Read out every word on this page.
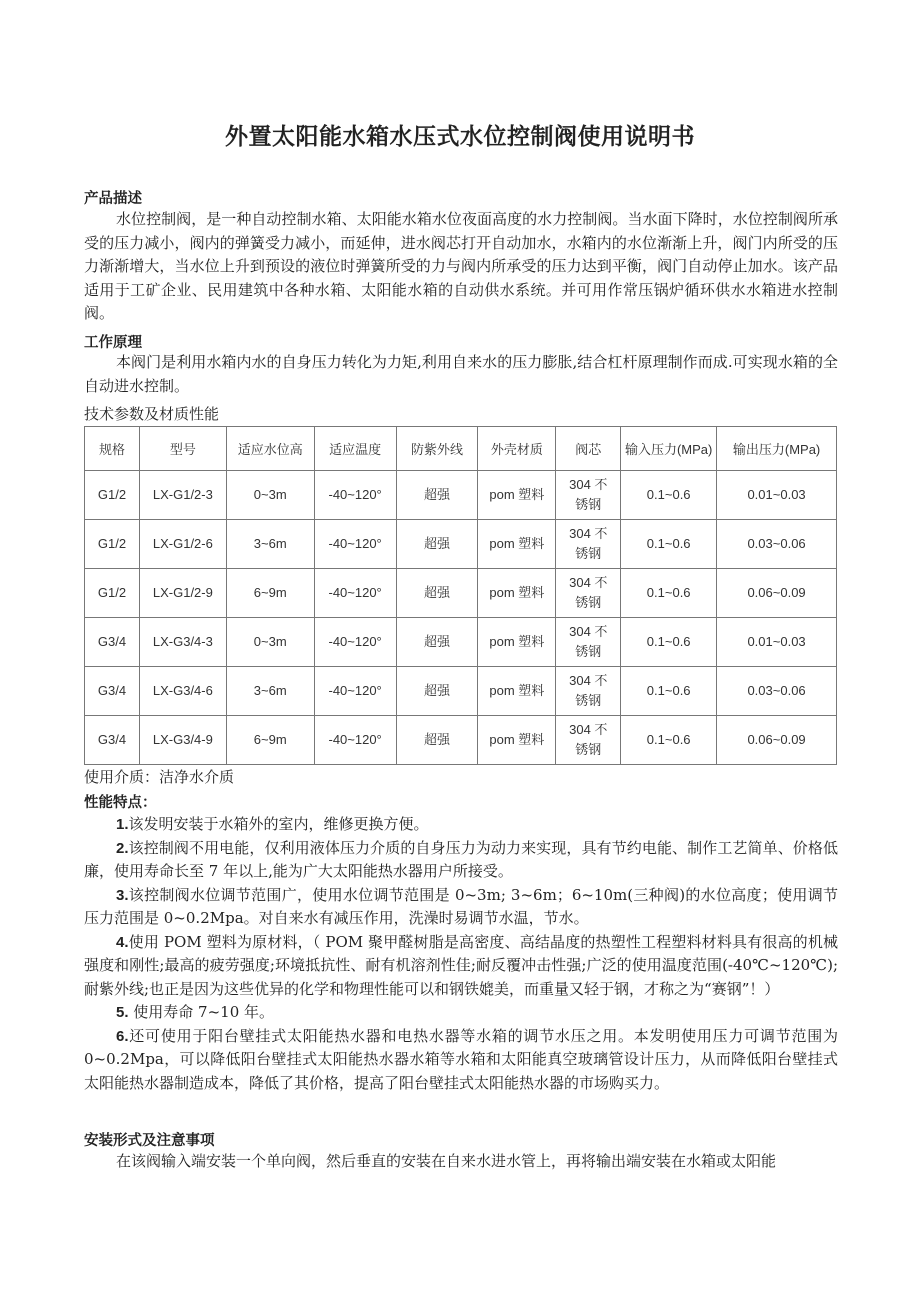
外置太阳能水箱水压式水位控制阀使用说明书
产品描述
水位控制阀，是一种自动控制水箱、太阳能水箱水位夜面高度的水力控制阀。当水面下降时，水位控制阀所承受的压力减小，阀内的弹簧受力减小，而延伸，进水阀芯打开自动加水，水箱内的水位渐渐上升，阀门内所受的压力渐渐增大，当水位上升到预设的液位时弹簧所受的力与阀内所承受的压力达到平衡，阀门自动停止加水。该产品适用于工矿企业、民用建筑中各种水箱、太阳能水箱的自动供水系统。并可用作常压锅炉循环供水水箱进水控制阀。
工作原理
本阀门是利用水箱内水的自身压力转化为力矩,利用自来水的压力膨胀,结合杠杆原理制作而成.可实现水箱的全自动进水控制。
技术参数及材质性能
规格	型号	适应水位高	适应温度	防紫外线	外壳材质	阀芯	输入压力(MPa)	输出压力(MPa)
G1/2	LX-G1/2-3	0~3m	-40~120°	超强	pom 塑料	304 不锈钢	0.1~0.6	0.01~0.03
G1/2	LX-G1/2-6	3~6m	-40~120°	超强	pom 塑料	304 不锈钢	0.1~0.6	0.03~0.06
G1/2	LX-G1/2-9	6~9m	-40~120°	超强	pom 塑料	304 不锈钢	0.1~0.6	0.06~0.09
G3/4	LX-G3/4-3	0~3m	-40~120°	超强	pom 塑料	304 不锈钢	0.1~0.6	0.01~0.03
G3/4	LX-G3/4-6	3~6m	-40~120°	超强	pom 塑料	304 不锈钢	0.1~0.6	0.03~0.06
G3/4	LX-G3/4-9	6~9m	-40~120°	超强	pom 塑料	304 不锈钢	0.1~0.6	0.06~0.09
使用介质：洁净水介质
性能特点：
1.该发明安装于水箱外的室内，维修更换方便。
2.该控制阀不用电能，仅利用液体压力介质的自身压力为动力来实现，具有节约电能、制作工艺简单、价格低廉，使用寿命长至 7 年以上,能为广大太阳能热水器用户所接受。
3.该控制阀水位调节范围广，使用水位调节范围是 0~3m; 3~6m；6~10m(三种阀)的水位高度；使用调节压力范围是 0~0.2Mpa。对自来水有减压作用，洗澡时易调节水温，节水。
4.使用 POM 塑料为原材料，（ POM 聚甲醛树脂是高密度、高结晶度的热塑性工程塑料材料具有很高的机械强度和刚性;最高的疲劳强度;环境抵抗性、耐有机溶剂性佳;耐反覆冲击性强;广泛的使用温度范围(-40℃~120℃);耐紫外线;也正是因为这些优异的化学和物理性能可以和钢铁媲美，而重量又轻于钢，才称之为“赛钢”！）
5. 使用寿命 7~10 年。
6.还可使用于阳台壁挂式太阳能热水器和电热水器等水箱的调节水压之用。本发明使用压力可调节范围为 0~0.2Mpa，可以降低阳台壁挂式太阳能热水器水箱等水箱和太阳能真空玻璃管设计压力，从而降低阳台壁挂式太阳能热水器制造成本，降低了其价格，提高了阳台壁挂式太阳能热水器的市场购买力。
安装形式及注意事项
在该阀输入端安装一个单向阀，然后垂直的安装在自来水进水管上，再将输出端安装在水箱或太阳能
